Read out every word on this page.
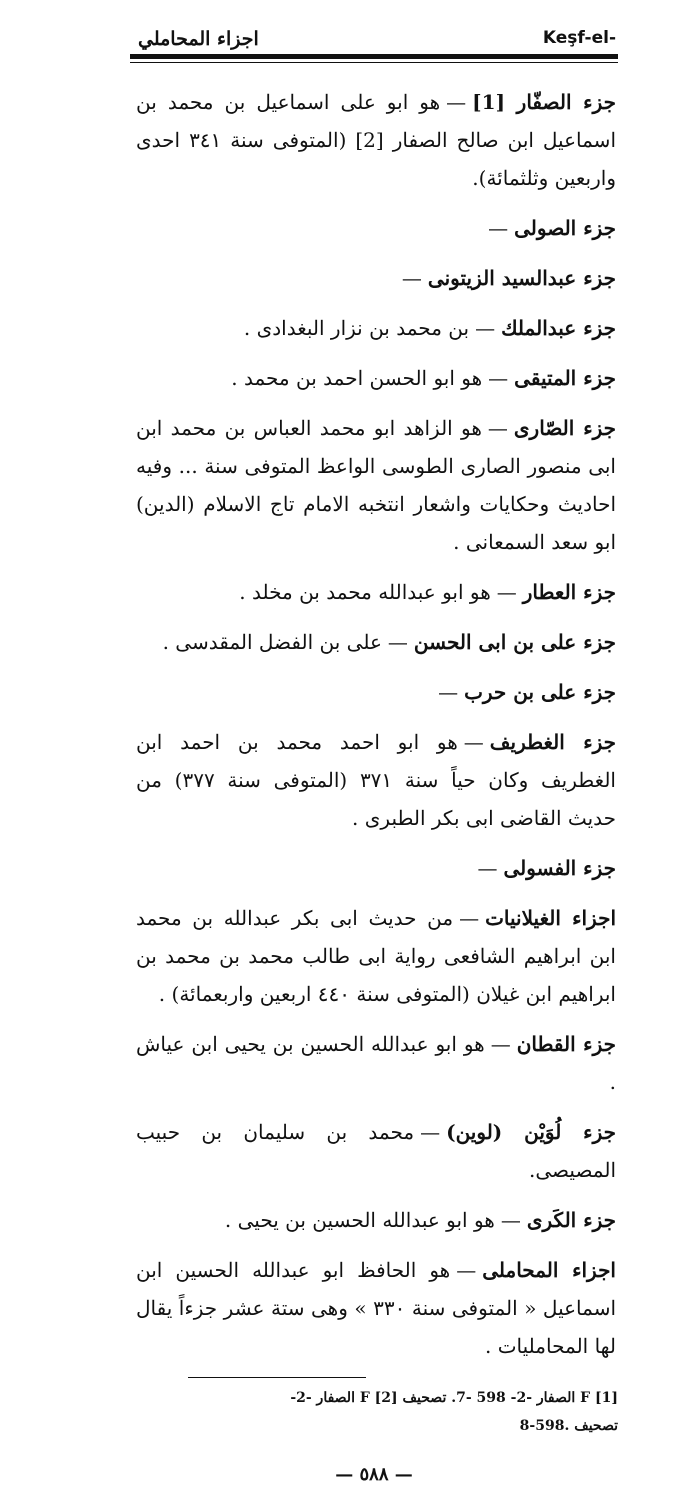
اجزاء المحاملي	Keşf-el-

جزء الصفّار [1]—هو ابو على اسماعيل بن محمد بن اسماعيل ابن صالح الصفار [2] (المتوفى سنة ٣٤١ احدى واربعين وثلثمائة).

جزء الصولى—

جزء عبدالسيد الزيتونى—

جزء عبدالملك—بن محمد بن نزار البغدادى .

جزء المتيقى—هو ابو الحسن احمد بن محمد .

جزء الصّارى—هو الزاهد ابو محمد العباس بن محمد ابن ابى منصور الصارى الطوسى الواعظ المتوفى سنة ... وفيه احاديث وحكايات واشعار انتخبه الامام تاج الاسلام (الدين) ابو سعد السمعانى .

جزء العطار—هو ابو عبدالله محمد بن مخلد .

جزء على بن ابى الحسن—على بن الفضل المقدسى .

جزء على بن حرب—

جزء الغطريف—هو ابو احمد محمد بن احمد ابن الغطريف وكان حياً سنة ٣٧١ (المتوفى سنة ٣٧٧) من حديث القاضى ابى بكر الطبرى .

جزء الفسولى—

اجزاء الغيلانيات—من حديث ابى بكر عبدالله بن محمد ابن ابراهيم الشافعى رواية ابى طالب محمد بن محمد بن ابراهيم ابن غيلان (المتوفى سنة ٤٤٠ اربعين واربعمائة) .

جزء القطان—هو ابو عبدالله الحسين بن يحيى ابن عياش .

جزء لُوَيْن (لوين)—محمد بن سليمان بن حبيب المصيصى.

جزء الكَرى—هو ابو عبدالله الحسين بن يحيى .

اجزاء المحاملى—هو الحافظ ابو عبدالله الحسين ابن اسماعيل « المتوفى سنة ٣٣٠ » وهى ستة عشر جزءاً يقال لها المحامليات .

[1] F الصفار -2- 598 -7. تصحيف [2] F الصفار -2-

تصحيف .598-8

— ٥٨٨ —
